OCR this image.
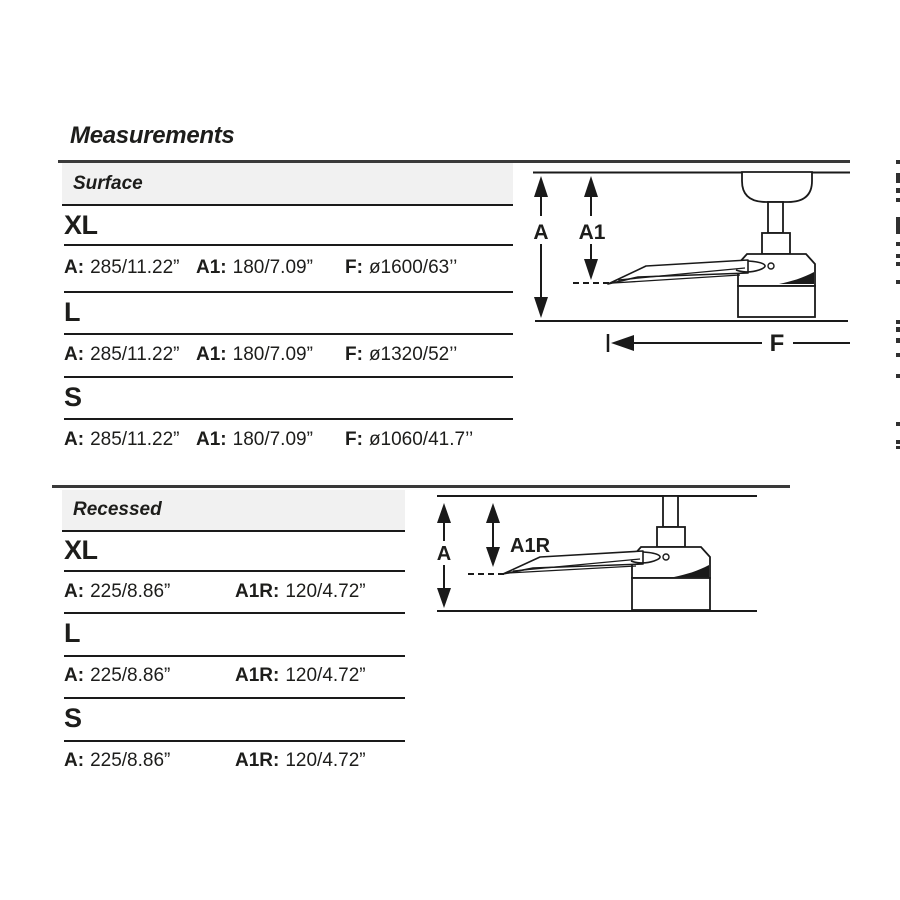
Measurements
Surface
XL
A: 285/11.22” A1: 180/7.09” F: ø1600/63’’
L
A: 285/11.22” A1: 180/7.09” F: ø1320/52’’
S
A: 285/11.22” A1: 180/7.09” F: ø1060/41.7’’
A A1
F
Recessed
XL
A: 225/8.86”	A1R: 120/4.72”
L
A: 225/8.86”	A1R: 120/4.72”
S
A: 225/8.86”	A1R: 120/4.72”
A	A1R
